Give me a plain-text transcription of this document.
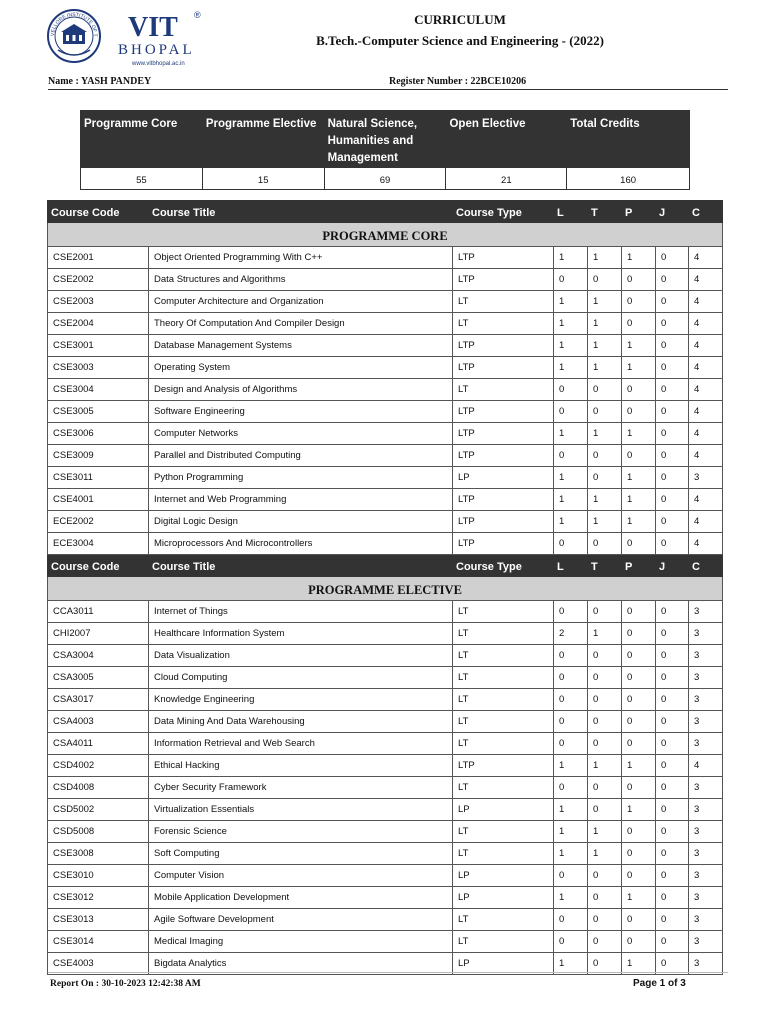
VELLORE INSTITUTE OF T VIT ®
BHOPAL
www.vitbhopal.ac.in
CURRICULUM
B.Tech.-Computer Science and Engineering - (2022)
Name : YASH PANDEY	Register Number : 22BCE10206
Programme Core	Programme Elective	Natural Science, Humanities and Management	Open Elective	Total Credits
55	15	69	21	160
Course Code	Course Title	Course Type	L	T	P	J	C
PROGRAMME CORE							
CSE2001	Object Oriented Programming With C++	LTP	1	1	1	0	4
CSE2002	Data Structures and Algorithms	LTP	0	0	0	0	4
CSE2003	Computer Architecture and Organization	LT	1	1	0	0	4
CSE2004	Theory Of Computation And Compiler Design	LT	1	1	0	0	4
CSE3001	Database Management Systems	LTP	1	1	1	0	4
CSE3003	Operating System	LTP	1	1	1	0	4
CSE3004	Design and Analysis of Algorithms	LT	0	0	0	0	4
CSE3005	Software Engineering	LTP	0	0	0	0	4
CSE3006	Computer Networks	LTP	1	1	1	0	4
CSE3009	Parallel and Distributed Computing	LTP	0	0	0	0	4
CSE3011	Python Programming	LP	1	0	1	0	3
CSE4001	Internet and Web Programming	LTP	1	1	1	0	4
ECE2002	Digital Logic Design	LTP	1	1	1	0	4
ECE3004	Microprocessors And Microcontrollers	LTP	0	0	0	0	4
Course Code	Course Title	Course Type	L	T	P	J	C
PROGRAMME ELECTIVE							
CCA3011	Internet of Things	LT	0	0	0	0	3
CHI2007	Healthcare Information System	LT	2	1	0	0	3
CSA3004	Data Visualization	LT	0	0	0	0	3
CSA3005	Cloud Computing	LT	0	0	0	0	3
CSA3017	Knowledge Engineering	LT	0	0	0	0	3
CSA4003	Data Mining And Data Warehousing	LT	0	0	0	0	3
CSA4011	Information Retrieval and Web Search	LT	0	0	0	0	3
CSD4002	Ethical Hacking	LTP	1	1	1	0	4
CSD4008	Cyber Security Framework	LT	0	0	0	0	3
CSD5002	Virtualization Essentials	LP	1	0	1	0	3
CSD5008	Forensic Science	LT	1	1	0	0	3
CSE3008	Soft Computing	LT	1	1	0	0	3
CSE3010	Computer Vision	LP	0	0	0	0	3
CSE3012	Mobile Application Development	LP	1	0	1	0	3
CSE3013	Agile Software Development	LT	0	0	0	0	3
CSE3014	Medical Imaging	LT	0	0	0	0	3
CSE4003	Bigdata Analytics	LP	1	0	1	0	3
Report On : 30-10-2023 12:42:38 AM	Page 1 of 3
